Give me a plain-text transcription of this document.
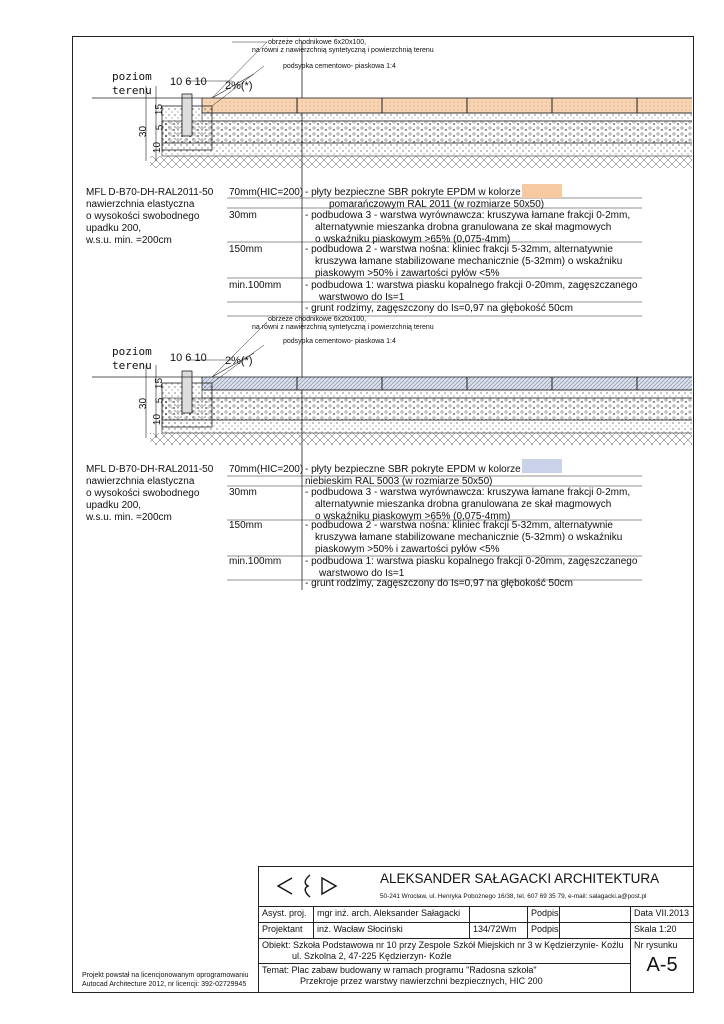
obrzeże chodnikowe 6x20x100,
na równi z nawierzchnią syntetyczną i powierzchnią terenu
podsypka cementowo- piaskowa 1:4
poziom
terenu
10 6 10 2%(*)
30
15
5
10
MFL D-B70-DH-RAL2011-50
nawierzchnia elastyczna
o wysokości swobodnego
upadku 200,
w.s.u. min. =200cm
70mm(HIC=200) - płyty bezpieczne SBR pokryte EPDM w kolorze
pomarańczowym RAL 2011 (w rozmiarze 50x50)
30mm	- podbudowa 3 - warstwa wyrównawcza: kruszywa łamane frakcji 0-2mm,
alternatywnie mieszanka drobna granulowana ze skał magmowych
o wskaźniku piaskowym >65% (0,075-4mm)
150mm	- podbudowa 2 - warstwa nośna: kliniec frakcji 5-32mm, alternatywnie
kruszywa łamane stabilizowane mechanicznie (5-32mm) o wskaźniku
piaskowym >50% i zawartości pyłów <5%
min.100mm - podbudowa 1: warstwa piasku kopalnego frakcji 0-20mm, zagęszczanego
warstwowo do Is=1
- grunt rodzimy, zagęszczony do Is=0,97 na głębokość 50cm
obrzeże chodnikowe 6x20x100,
na równi z nawierzchnią syntetyczną i powierzchnią terenu
podsypka cementowo- piaskowa 1:4
poziom
terenu
10 6 10 2%(*)
30
15
5
10
MFL D-B70-DH-RAL2011-50
nawierzchnia elastyczna
o wysokości swobodnego
upadku 200,
w.s.u. min. =200cm
70mm(HIC=200) - płyty bezpieczne SBR pokryte EPDM w kolorze
niebieskim RAL 5003 (w rozmiarze 50x50)
30mm	- podbudowa 3 - warstwa wyrównawcza: kruszywa łamane frakcji 0-2mm,
alternatywnie mieszanka drobna granulowana ze skał magmowych
o wskaźniku piaskowym >65% (0,075-4mm)
150mm	- podbudowa 2 - warstwa nośna: kliniec frakcji 5-32mm, alternatywnie
kruszywa łamane stabilizowane mechanicznie (5-32mm) o wskaźniku
piaskowym >50% i zawartości pyłów <5%
min.100mm - podbudowa 1: warstwa piasku kopalnego frakcji 0-20mm, zagęszczanego
warstwowo do Is=1
- grunt rodzimy, zagęszczony do Is=0,97 na głębokość 50cm
Projekt powstał na licencjonowanym oprogramowaniu
Autocad Architecture 2012, nr licencji: 392-02729945
Asyst. proj.	mgr inż. arch. Aleksander Sałagacki	Podpis	Data VII.2013
Projektant	inż. Wacław Słociński	134/72Wm	Podpis	Skala 1:20
Obiekt: Szkoła Podstawowa nr 10 przy Zespole Szkół Miejskich nr 3 w Kędzierzynie- Koźlu
ul. Szkolna 2, 47-225 Kędzierzyn- Koźle
Temat: Plac zabaw budowany w ramach programu "Radosna szkoła"
Przekroje przez warstwy nawierzchni bezpiecznych, HIC 200
Nr rysunku
A-5
ALEKSANDER SAŁAGACKI ARCHITEKTURA
50-241 Wrocław, ul. Henryka Pobożnego 16/38, tel. 607 69 35 79, e-mail: salagacki.a@post.pl
